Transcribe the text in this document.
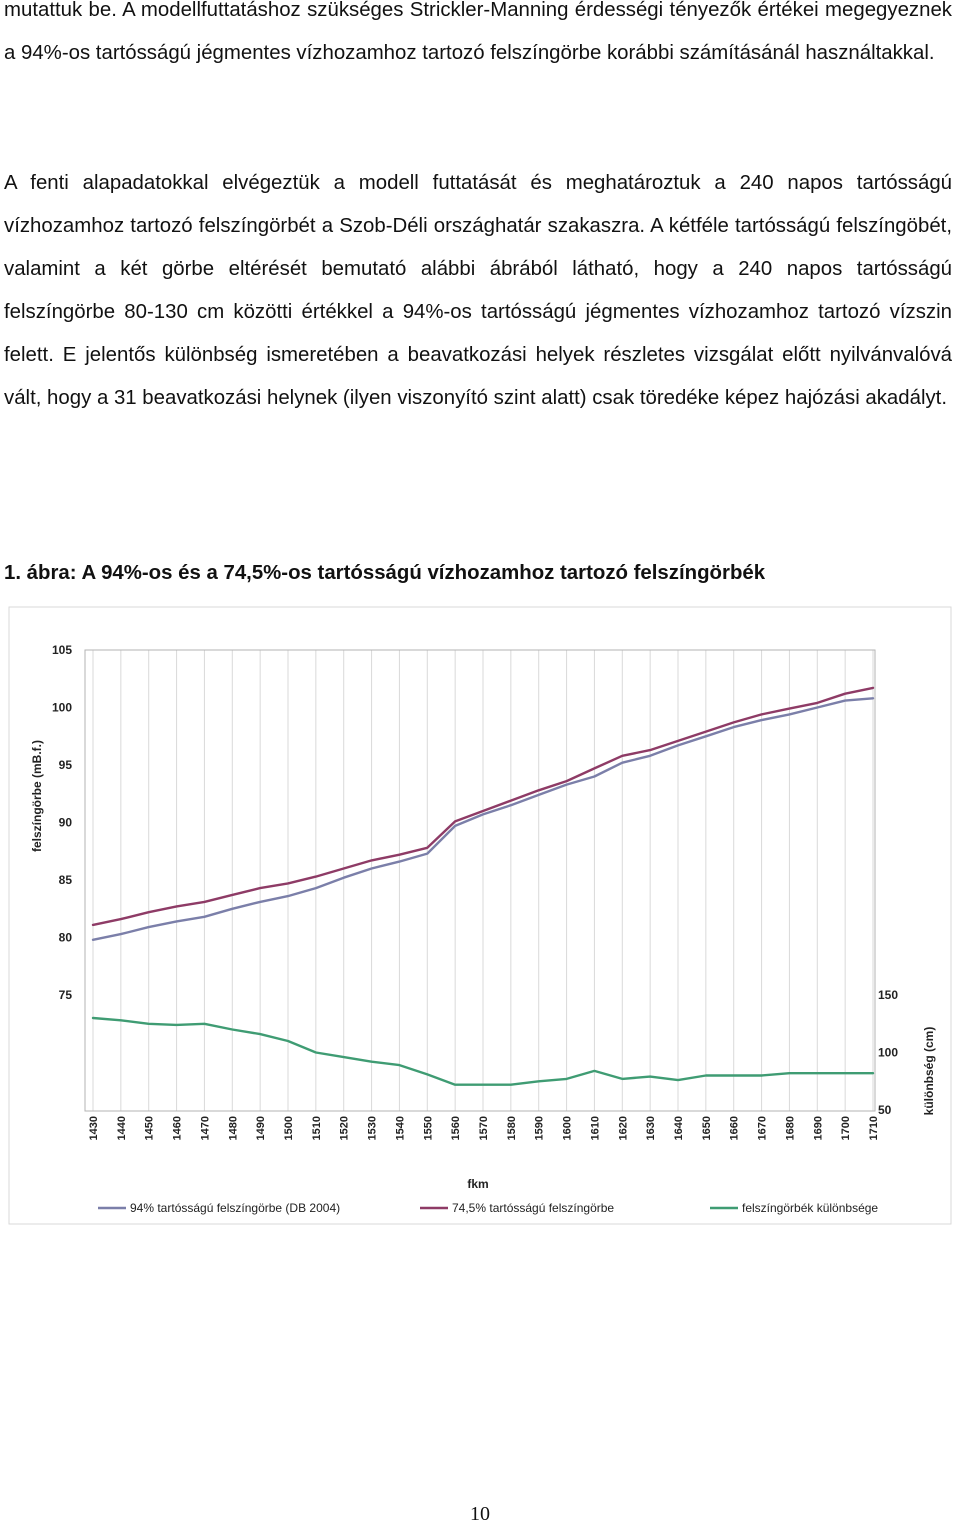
mutattuk be. A modellfuttatáshoz szükséges Strickler-Manning érdességi tényezők értékei megegyeznek a 94%-os tartósságú jégmentes vízhozamhoz tartozó felszíngörbe korábbi számításánál használtakkal.

A fenti alapadatokkal elvégeztük a modell futtatását és meghatároztuk a 240 napos tartósságú vízhozamhoz tartozó felszíngörbét a Szob-Déli országhatár szakaszra. A kétféle tartósságú felszíngöbét, valamint a két görbe eltérését bemutató alábbi ábrából látható, hogy a 240 napos tartósságú felszíngörbe 80-130 cm közötti értékkel a 94%-os tartósságú jégmentes vízhozamhoz tartozó vízszin felett. E jelentős különbség ismeretében a beavatkozási helyek részletes vizsgálat előtt nyilvánvalóvá vált, hogy a 31 beavatkozási helynek (ilyen viszonyító szint alatt) csak töredéke képez hajózási akadályt.

1. ábra: A 94%-os és a 74,5%-os tartósságú vízhozamhoz tartozó felszíngörbék

1430 1440 1450 1460 1470 1480 1490 1500 1510 1520 1530 1540 1550 1560 1570 1580 1590 1600 1610 1620 1630 1640 1650 1660 1670 1680 1690 1700 1710
75
80
85
90
95
100
105
50
100
150
felszíngörbe (mB.f.)
különbség (cm)
fkm
94% tartósságú felszíngörbe (DB 2004)	74,5% tartósságú felszíngörbe	felszíngörbék különbsége
10
